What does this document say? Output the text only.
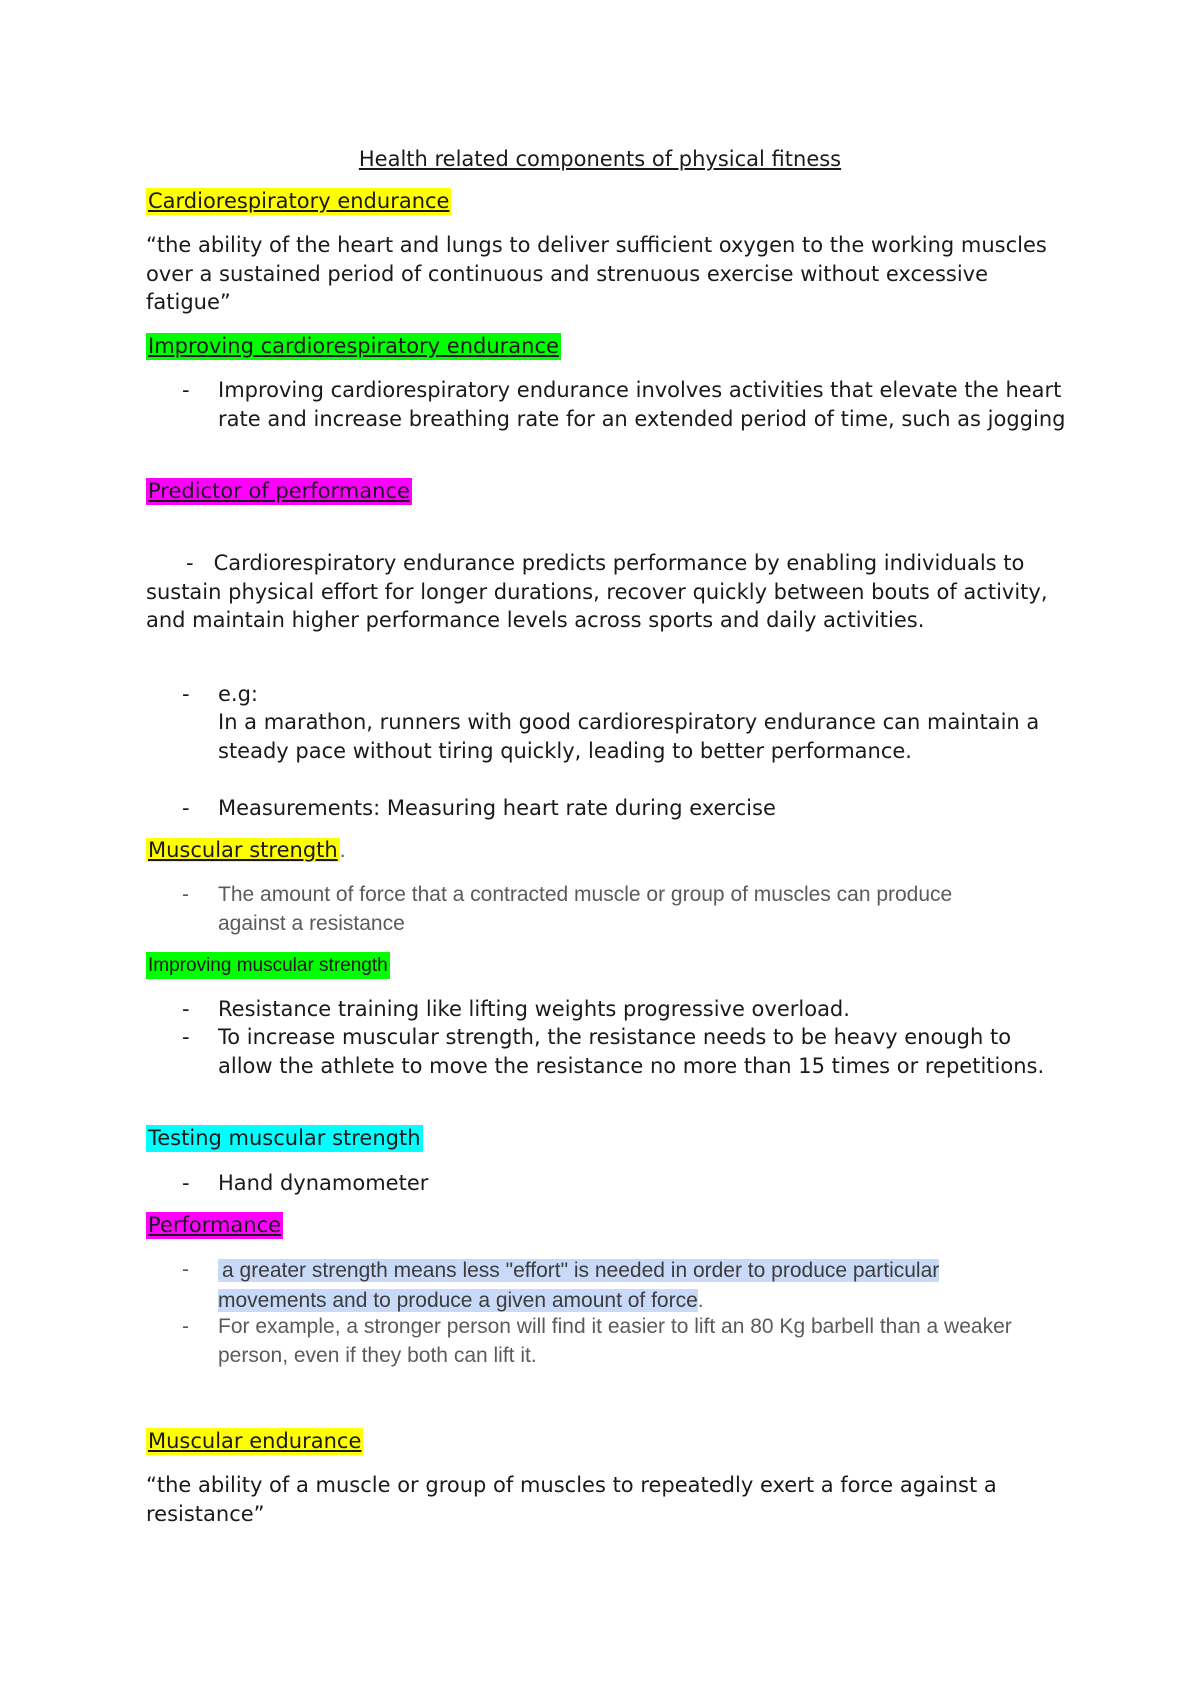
Health related components of physical fitness

Cardiorespiratory endurance

“the ability of the heart and lungs to deliver sufficient oxygen to the working muscles over a sustained period of continuous and strenuous exercise without excessive fatigue”

Improving cardiorespiratory endurance

- Improving cardiorespiratory endurance involves activities that elevate the heart rate and increase breathing rate for an extended period of time, such as jogging

Predictor of performance

- Cardiorespiratory endurance predicts performance by enabling individuals to sustain physical effort for longer durations, recover quickly between bouts of activity, and maintain higher performance levels across sports and daily activities.

- e.g:

In a marathon, runners with good cardiorespiratory endurance can maintain a steady pace without tiring quickly, leading to better performance.

- Measurements: Measuring heart rate during exercise

Muscular strength.

- The amount of force that a contracted muscle or group of muscles can produce against a resistance

Improving muscular strength

- Resistance training like lifting weights progressive overload.

- To increase muscular strength, the resistance needs to be heavy enough to allow the athlete to move the resistance no more than 15 times or repetitions.

Testing muscular strength

- Hand dynamometer

Performance

- a greater strength means less "effort" is needed in order to produce particular
movements and to produce a given amount of force.

- For example, a stronger person will find it easier to lift an 80 Kg barbell than a weaker person, even if they both can lift it.

Muscular endurance

“the ability of a muscle or group of muscles to repeatedly exert a force against a resistance”
